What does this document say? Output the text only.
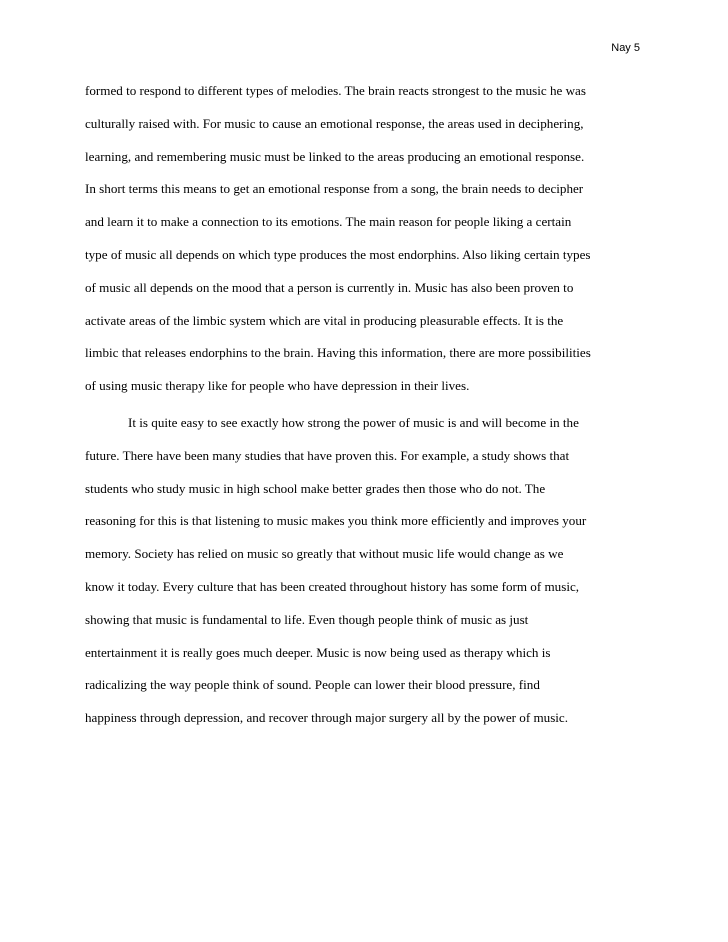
Nay 5
formed to respond to different types of melodies. The brain reacts strongest to the music he was
culturally raised with. For music to cause an emotional response, the areas used in deciphering,
learning, and remembering music must be linked to the areas producing an emotional response.
In short terms this means to get an emotional response from a song, the brain needs to decipher
and learn it to make a connection to its emotions. The main reason for people liking a certain
type of music all depends on which type produces the most endorphins. Also liking certain types
of music all depends on the mood that a person is currently in. Music has also been proven to
activate areas of the limbic system which are vital in producing pleasurable effects. It is the
limbic that releases endorphins to the brain. Having this information, there are more possibilities
of using music therapy like for people who have depression in their lives.
It is quite easy to see exactly how strong the power of music is and will become in the
future. There have been many studies that have proven this. For example, a study shows that
students who study music in high school make better grades then those who do not. The
reasoning for this is that listening to music makes you think more efficiently and improves your
memory. Society has relied on music so greatly that without music life would change as we
know it today. Every culture that has been created throughout history has some form of music,
showing that music is fundamental to life. Even though people think of music as just
entertainment it is really goes much deeper. Music is now being used as therapy which is
radicalizing the way people think of sound. People can lower their blood pressure, find
happiness through depression, and recover through major surgery all by the power of music.
